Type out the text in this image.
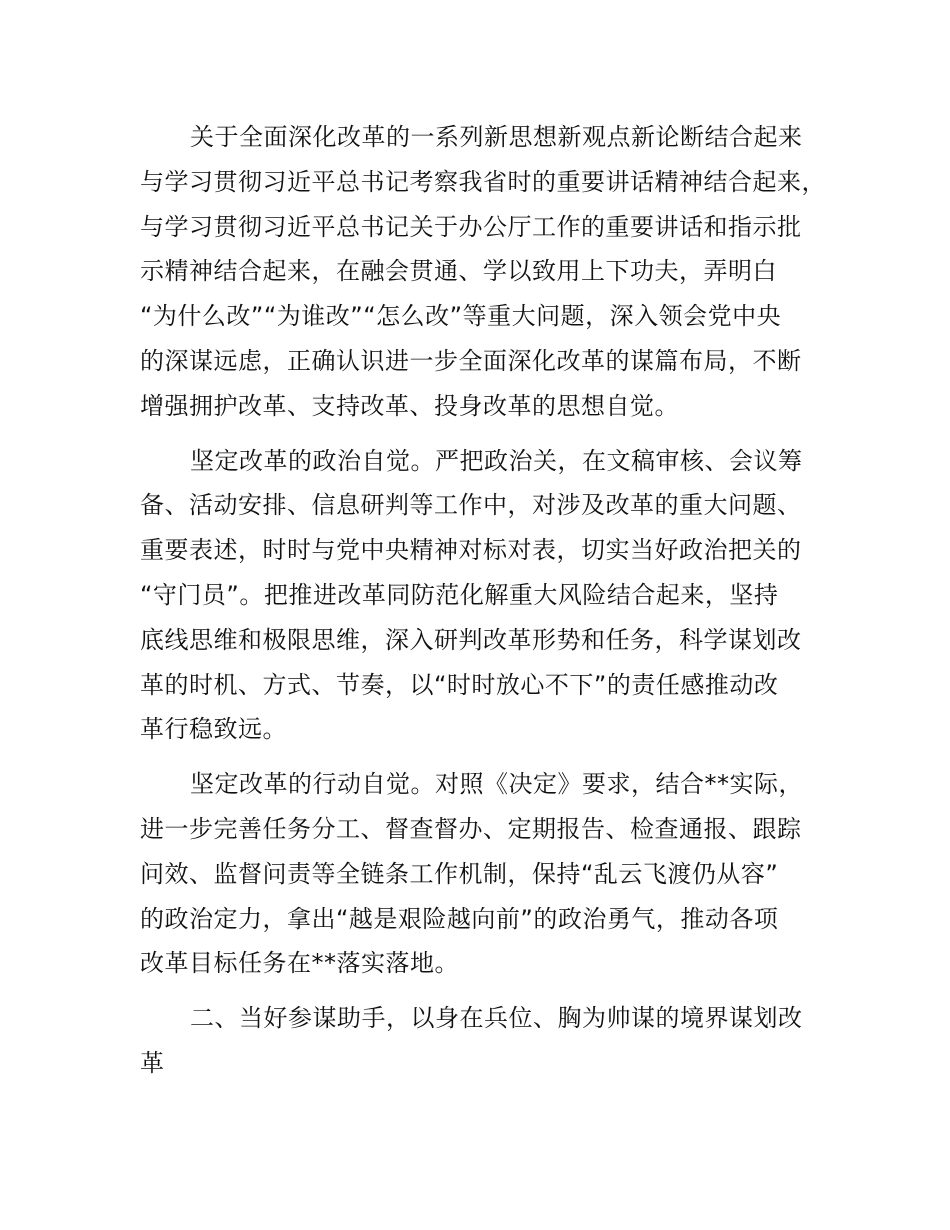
关于全面深化改革的一系列新思想新观点新论断结合起来
与学习贯彻习近平总书记考察我省时的重要讲话精神结合起来，
与学习贯彻习近平总书记关于办公厅工作的重要讲话和指示批
示精神结合起来，在融会贯通、学以致用上下功夫，弄明白
“为什么改”“为谁改”“怎么改”等重大问题，深入领会党中央
的深谋远虑，正确认识进一步全面深化改革的谋篇布局，不断
增强拥护改革、支持改革、投身改革的思想自觉。

坚定改革的政治自觉。严把政治关，在文稿审核、会议筹
备、活动安排、信息研判等工作中，对涉及改革的重大问题、
重要表述，时时与党中央精神对标对表，切实当好政治把关的
“守门员”。把推进改革同防范化解重大风险结合起来，坚持
底线思维和极限思维，深入研判改革形势和任务，科学谋划改
革的时机、方式、节奏，以“时时放心不下”的责任感推动改
革行稳致远。

坚定改革的行动自觉。对照《决定》要求，结合**实际，
进一步完善任务分工、督查督办、定期报告、检查通报、跟踪
问效、监督问责等全链条工作机制，保持“乱云飞渡仍从容”
的政治定力，拿出“越是艰险越向前”的政治勇气，推动各项
改革目标任务在**落实落地。

二、当好参谋助手，以身在兵位、胸为帅谋的境界谋划改
革
